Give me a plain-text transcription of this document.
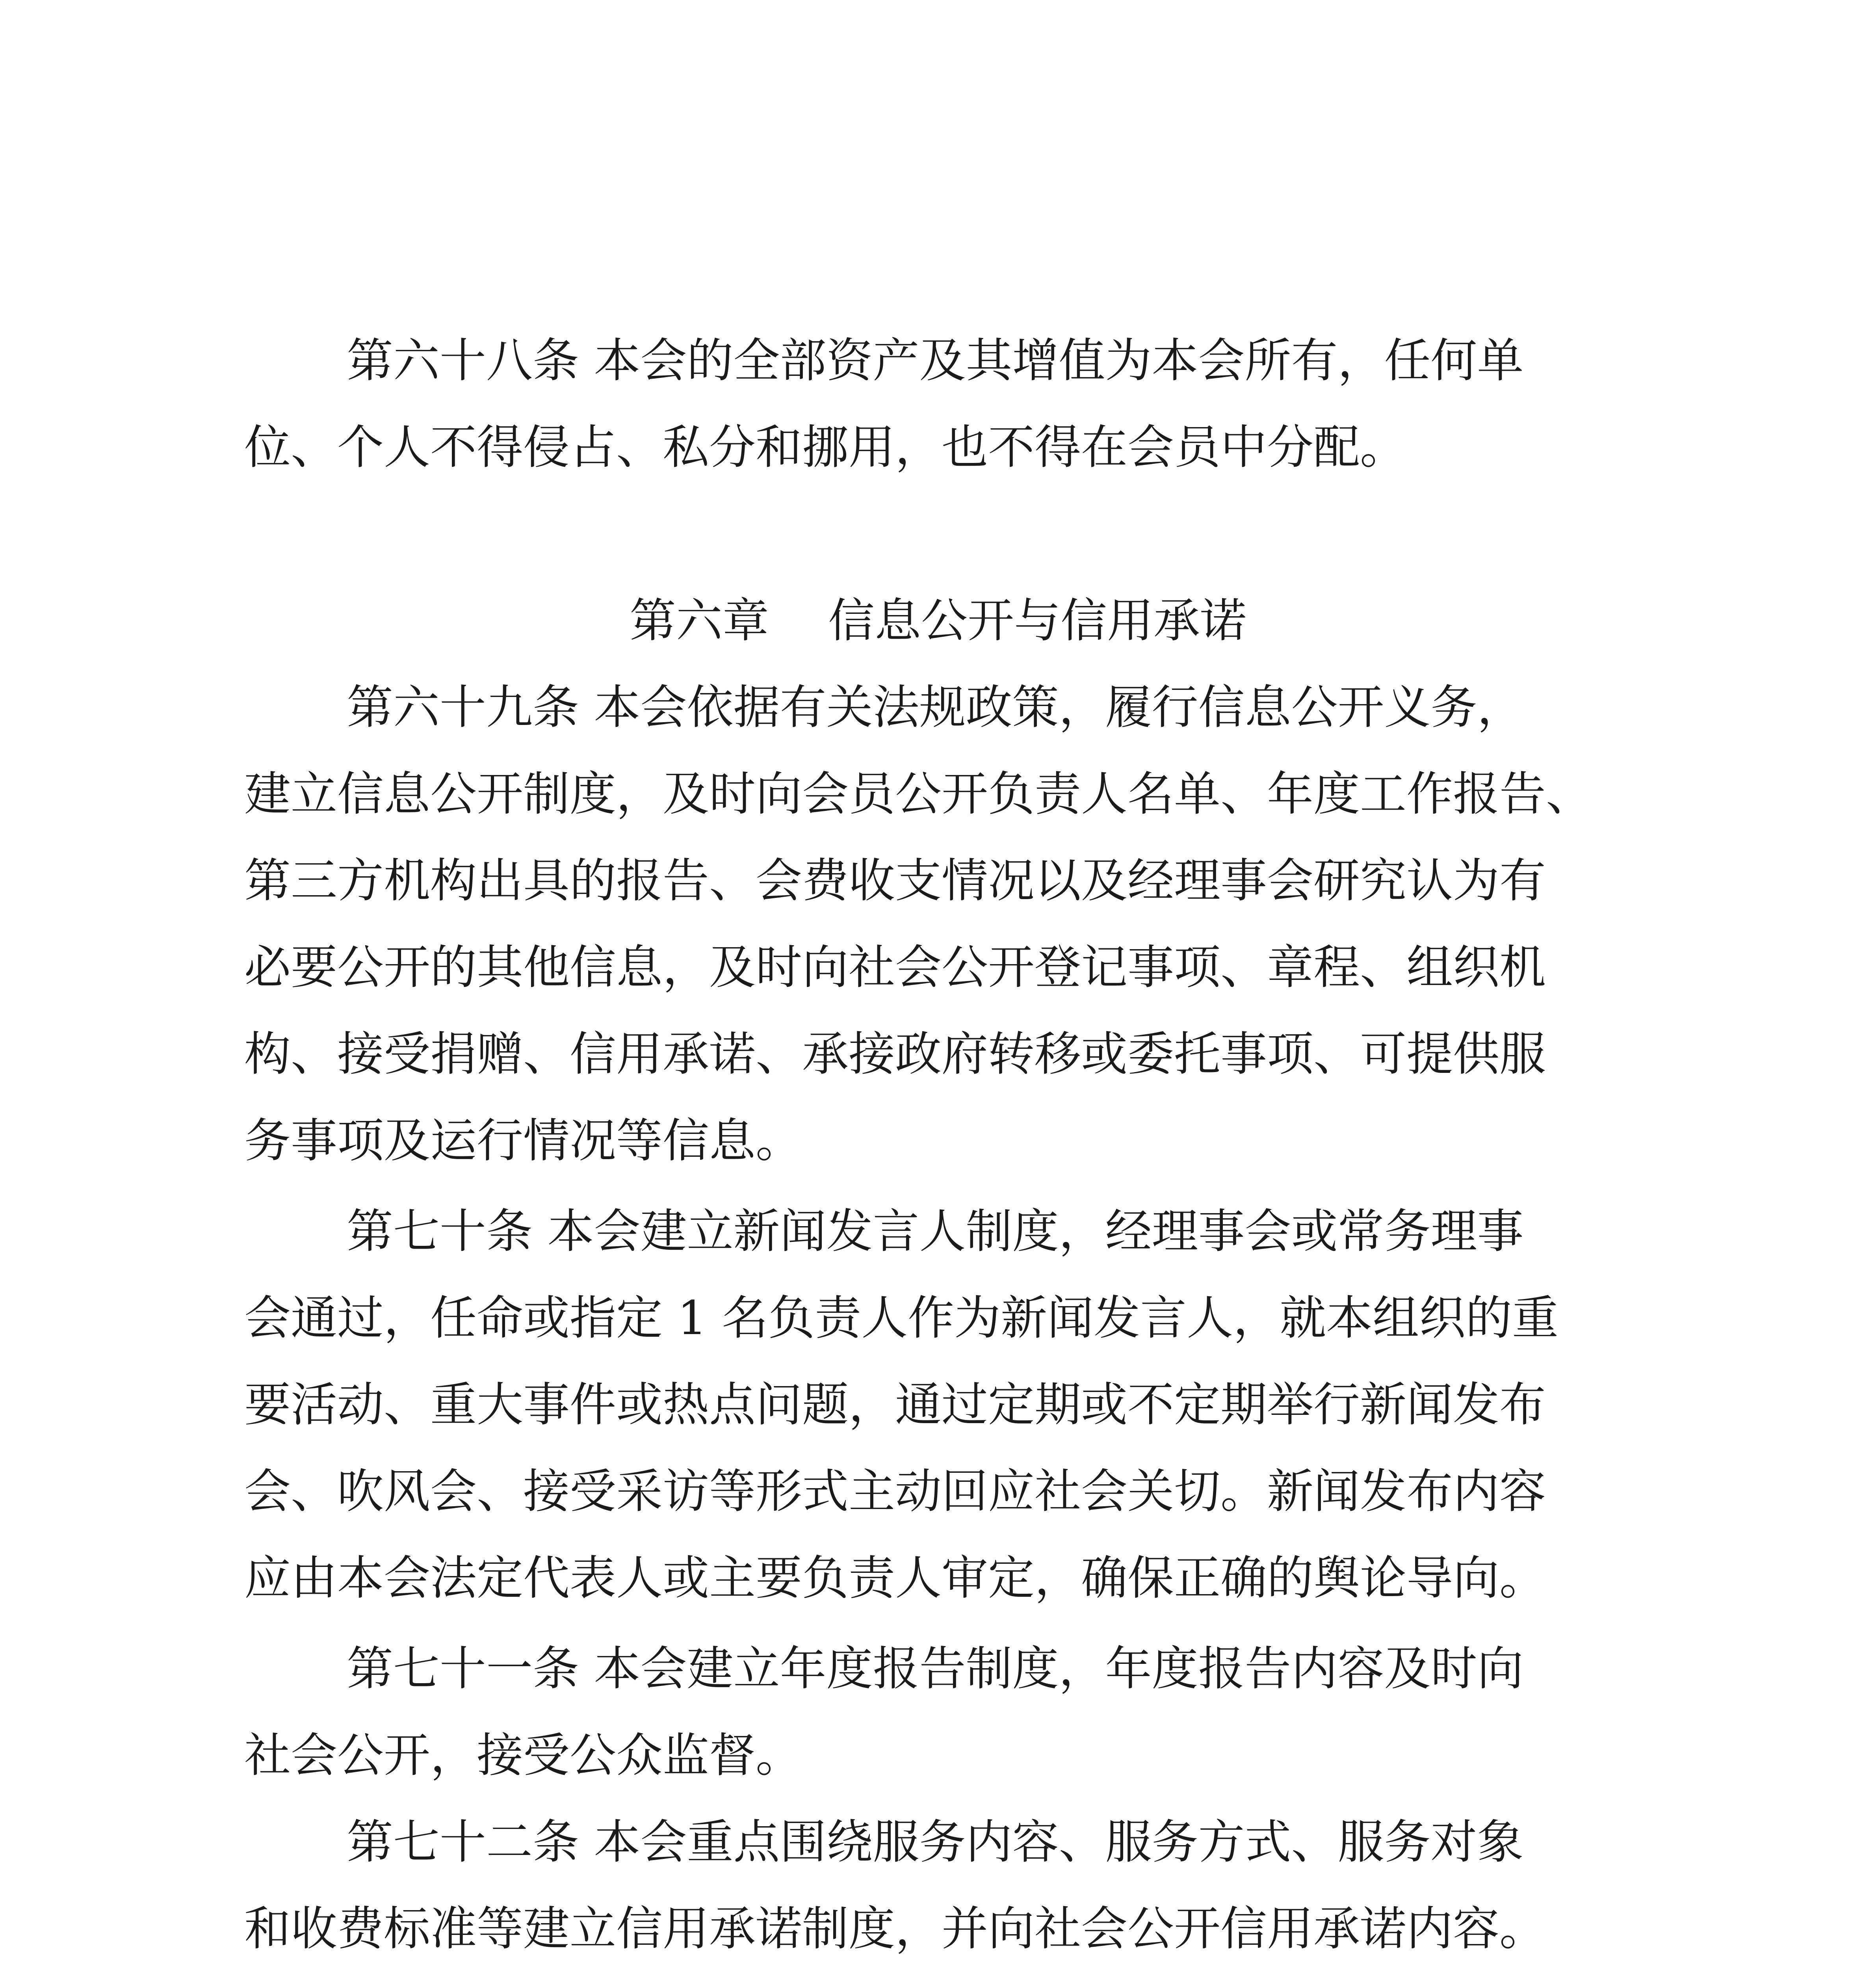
第六十八条 本会的全部资产及其增值为本会所有，任何单

位、个人不得侵占、私分和挪用，也不得在会员中分配。

第六章    信息公开与信用承诺

第六十九条 本会依据有关法规政策，履行信息公开义务，

建立信息公开制度，及时向会员公开负责人名单、年度工作报告、

第三方机构出具的报告、会费收支情况以及经理事会研究认为有

必要公开的其他信息，及时向社会公开登记事项、章程、组织机

构、接受捐赠、信用承诺、承接政府转移或委托事项、可提供服

务事项及运行情况等信息。

第七十条 本会建立新闻发言人制度，经理事会或常务理事

会通过，任命或指定 1 名负责人作为新闻发言人，就本组织的重

要活动、重大事件或热点问题，通过定期或不定期举行新闻发布

会、吹风会、接受采访等形式主动回应社会关切。新闻发布内容

应由本会法定代表人或主要负责人审定，确保正确的舆论导向。

第七十一条 本会建立年度报告制度，年度报告内容及时向

社会公开，接受公众监督。

第七十二条 本会重点围绕服务内容、服务方式、服务对象

和收费标准等建立信用承诺制度，并向社会公开信用承诺内容。
